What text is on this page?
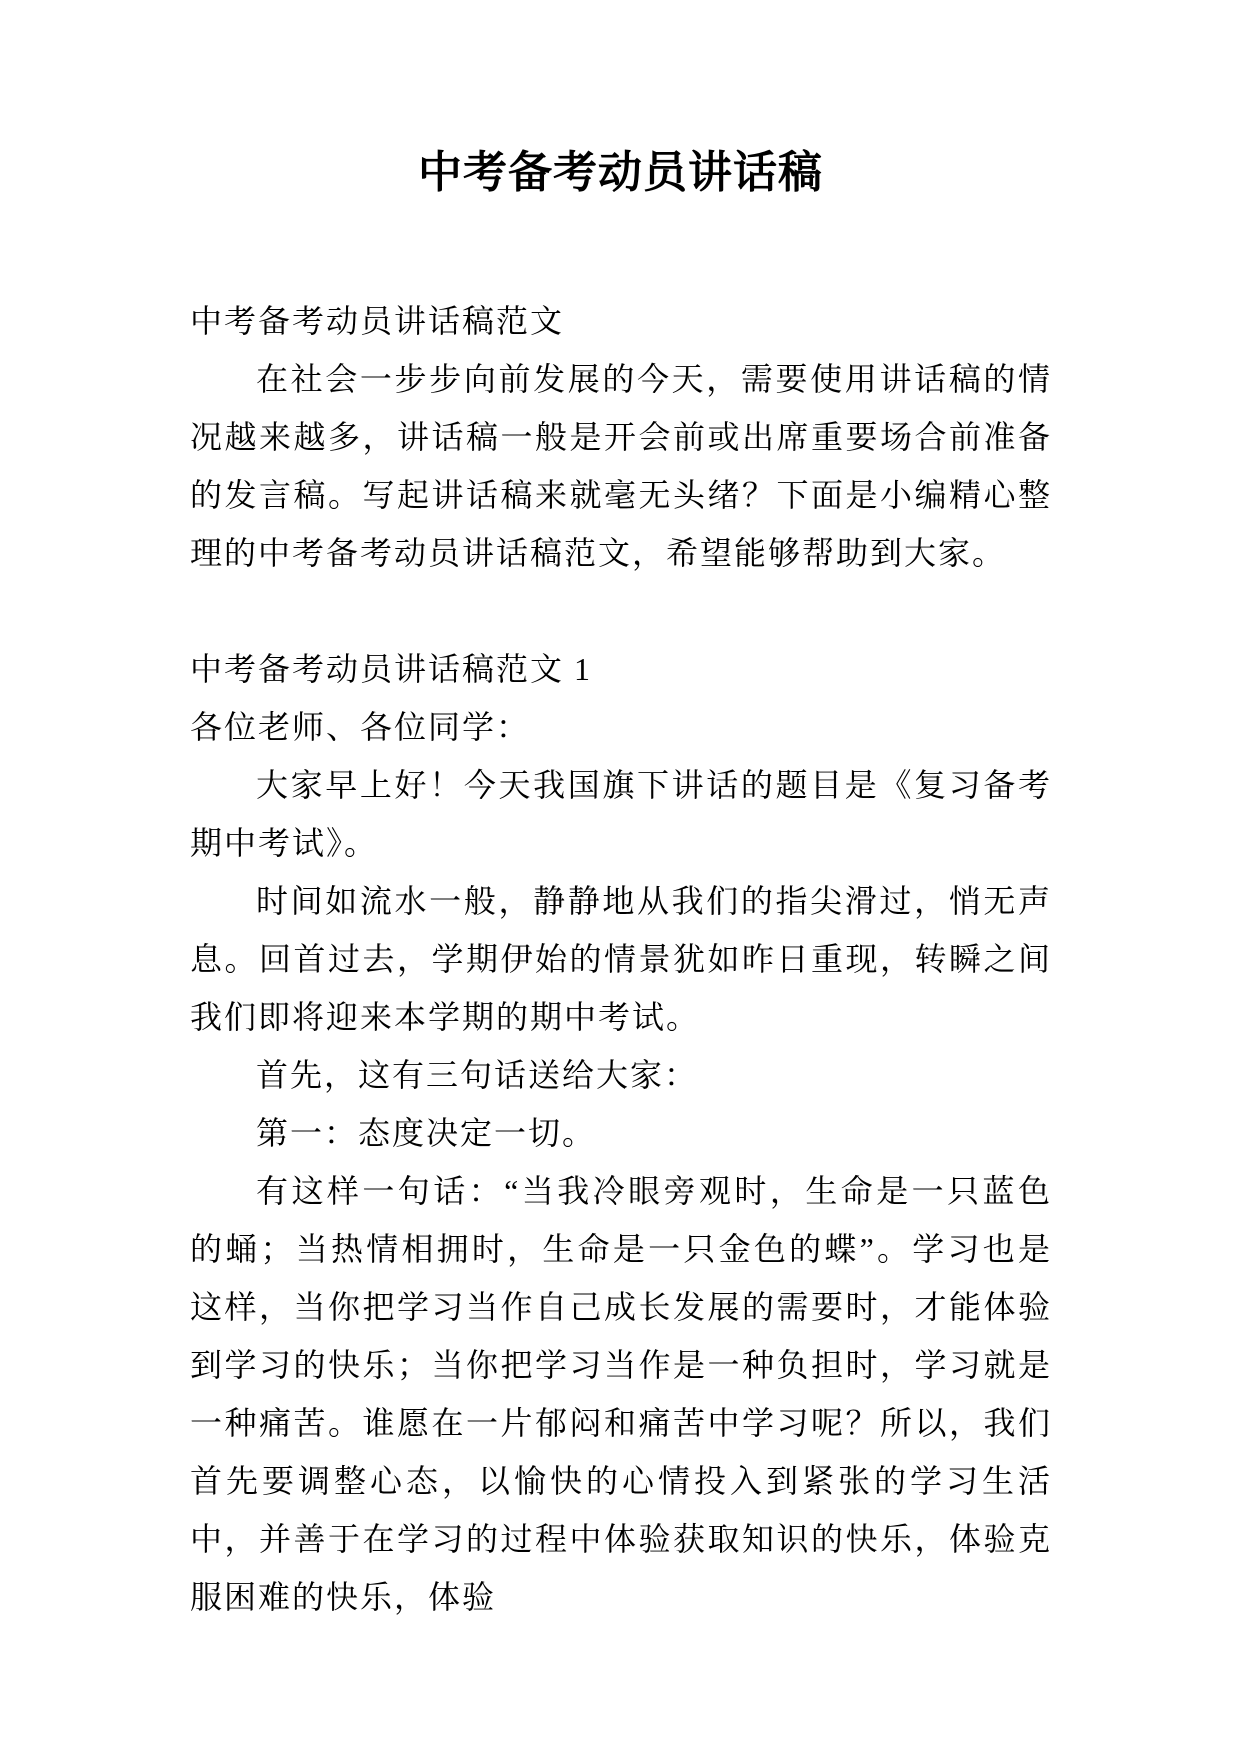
中考备考动员讲话稿

中考备考动员讲话稿范文

在社会一步步向前发展的今天，需要使用讲话稿的情况越来越多，讲话稿一般是开会前或出席重要场合前准备的发言稿。写起讲话稿来就毫无头绪？下面是小编精心整理的中考备考动员讲话稿范文，希望能够帮助到大家。

中考备考动员讲话稿范文 1

各位老师、各位同学：

大家早上好！今天我国旗下讲话的题目是《复习备考期中考试》。

时间如流水一般，静静地从我们的指尖滑过，悄无声息。回首过去，学期伊始的情景犹如昨日重现，转瞬之间我们即将迎来本学期的期中考试。

首先，这有三句话送给大家：

第一：态度决定一切。

有这样一句话：“当我冷眼旁观时，生命是一只蓝色的蛹；当热情相拥时，生命是一只金色的蝶”。学习也是这样，当你把学习当作自己成长发展的需要时，才能体验到学习的快乐；当你把学习当作是一种负担时，学习就是一种痛苦。谁愿在一片郁闷和痛苦中学习呢？所以，我们首先要调整心态，以愉快的心情投入到紧张的学习生活中，并善于在学习的过程中体验获取知识的快乐，体验克服困难的快乐，体验
